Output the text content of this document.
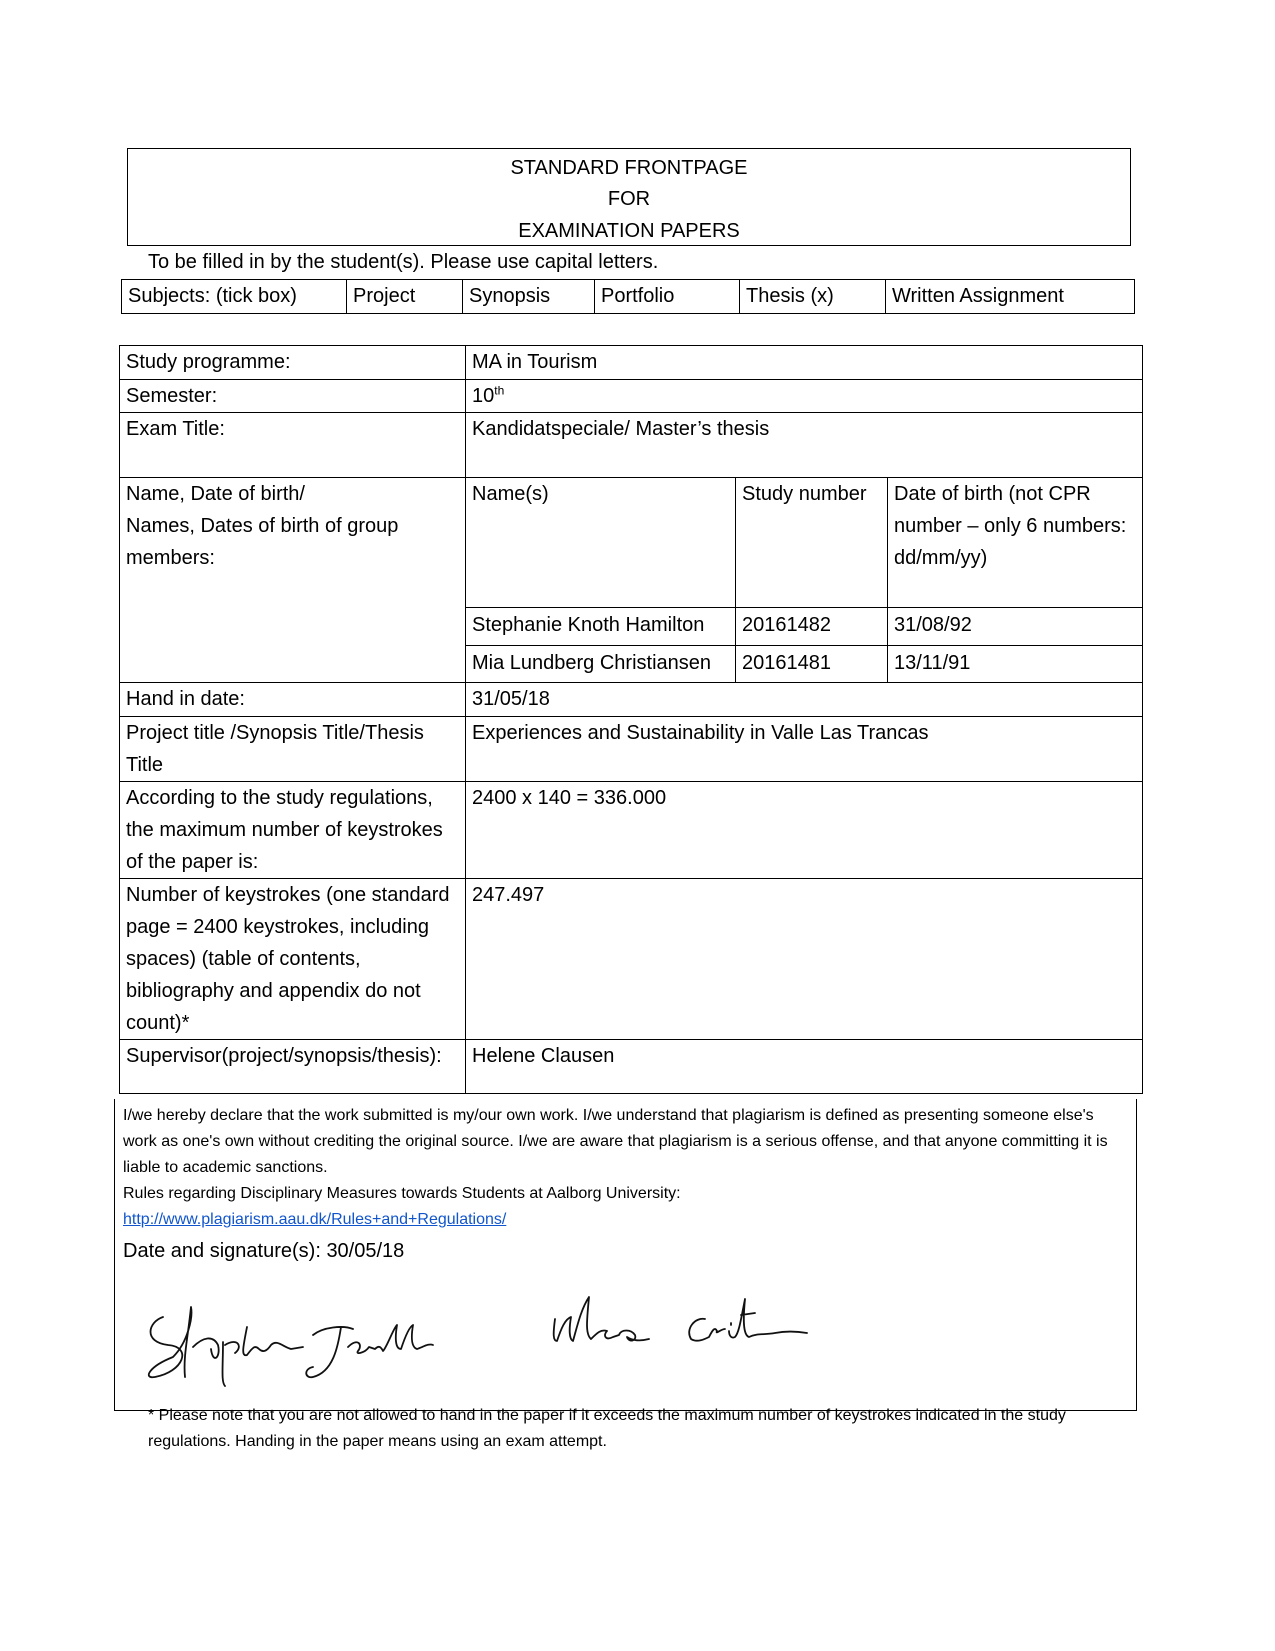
STANDARD FRONTPAGE
FOR
EXAMINATION PAPERS
To be filled in by the student(s). Please use capital letters.
Subjects: (tick box)	Project	Synopsis	Portfolio	Thesis (x)	Written Assignment
Study programme:	MA in Tourism		
Semester:	10th
Exam Title:	Kandidatspeciale/ Master’s thesis		

Name, Date of birth/
Names, Dates of birth of group members:	Name(s)	Study number	Date of birth (not CPR number – only 6 numbers: dd/mm/yy)
	Stephanie Knoth Hamilton	20161482	31/08/92
	Mia Lundberg Christiansen	20161481	13/11/91
Hand in date:	31/05/18		
Project title /Synopsis Title/Thesis Title	Experiences and Sustainability in Valle Las Trancas		
According to the study regulations, the maximum number of keystrokes of the paper is:	2400 x 140 = 336.000		
Number of keystrokes (one standard page = 2400 keystrokes, including spaces) (table of contents, bibliography and appendix do not count)*	247.497		
Supervisor(project/synopsis/thesis):	Helene Clausen		
I/we hereby declare that the work submitted is my/our own work. I/we understand that plagiarism is defined as presenting someone else's work as one's own without crediting the original source. I/we are aware that plagiarism is a serious offense, and that anyone committing it is liable to academic sanctions.
Rules regarding Disciplinary Measures towards Students at Aalborg University:
http://www.plagiarism.aau.dk/Rules+and+Regulations/
Date and signature(s): 30/05/18
* Please note that you are not allowed to hand in the paper if it exceeds the maximum number of keystrokes indicated in the study regulations. Handing in the paper means using an exam attempt.
